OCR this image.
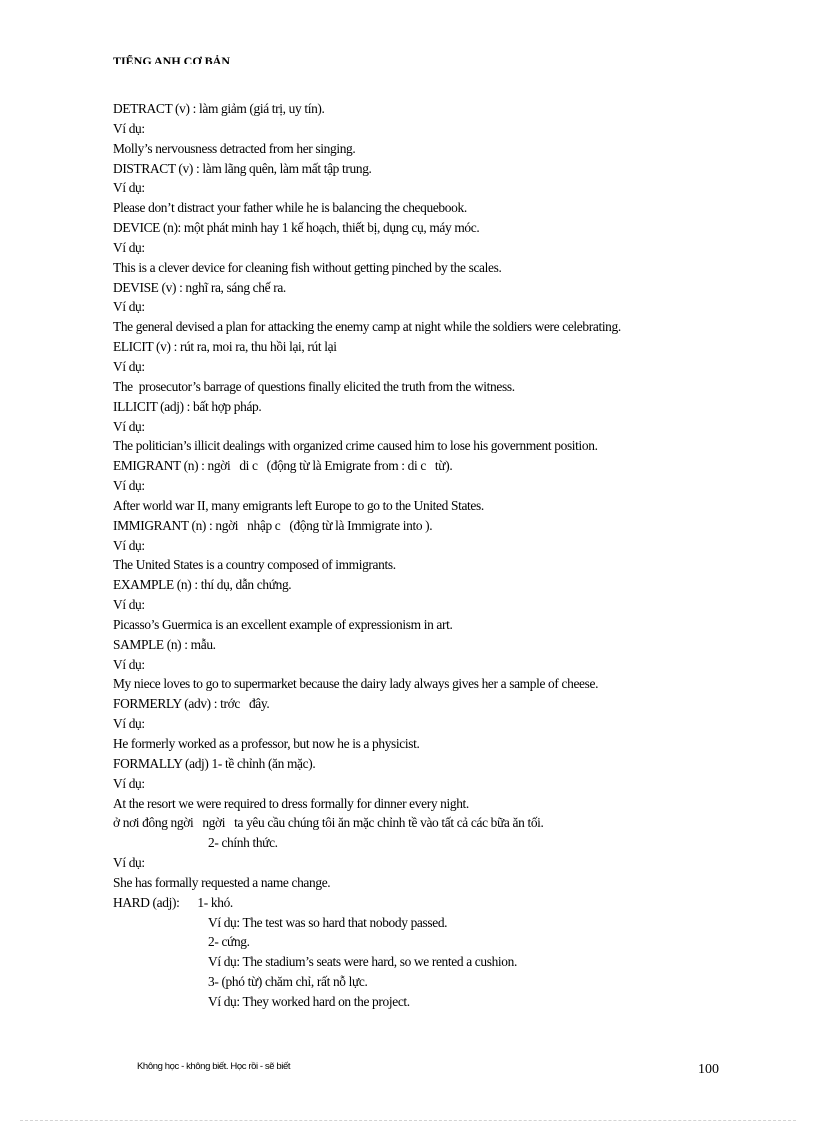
TIẾNG ANH CƠ BẢN
DETRACT (v) : làm giảm (giá trị, uy tín).
Ví dụ:
Molly’s nervousness detracted from her singing.
DISTRACT (v) : làm lãng quên, làm mất tập trung.
Ví dụ:
Please don’t distract your father while he is balancing the chequebook.
DEVICE (n): một phát minh hay 1 kế hoạch, thiết bị, dụng cụ, máy móc.
Ví dụ:
This is a clever device for cleaning fish without getting pinched by the scales.
DEVISE (v) : nghĩ ra, sáng chế ra.
Ví dụ:
The general devised a plan for attacking the enemy camp at night while the soldiers were celebrating.
ELICIT (v) : rút ra, moi ra, thu hồi lại, rút lại
Ví dụ:
The  prosecutor’s barrage of questions finally elicited the truth from the witness.
ILLICIT (adj) : bất hợp pháp.
Ví dụ:
The politician’s illicit dealings with organized crime caused him to lose his government position.
EMIGRANT (n) : ngời   di c   (động từ là Emigrate from : di c   từ).
Ví dụ:
After world war II, many emigrants left Europe to go to the United States.
IMMIGRANT (n) : ngời   nhập c   (động từ là Immigrate into ).
Ví dụ:
The United States is a country composed of immigrants.
EXAMPLE (n) : thí dụ, dẫn chứng.
Ví dụ:
Picasso’s Guermica is an excellent example of expressionism in art.
SAMPLE (n) : mẫu.
Ví dụ:
My niece loves to go to supermarket because the dairy lady always gives her a sample of cheese.
FORMERLY (adv) : trớc   đây.
Ví dụ:
He formerly worked as a professor, but now he is a physicist.
FORMALLY (adj) 1- tề chỉnh (ăn mặc).
Ví dụ:
At the resort we were required to dress formally for dinner every night.
ở nơi đông ngời   ngời   ta yêu cầu chúng tôi ăn mặc chỉnh tề vào tất cả các bữa ăn tối.
2- chính thức.
Ví dụ:
She has formally requested a name change.
HARD (adj):      1- khó.
Ví dụ: The test was so hard that nobody passed.
2- cứng.
Ví dụ: The stadium’s seats were hard, so we rented a cushion.
3- (phó từ) chăm chỉ, rất nỗ lực.
Ví dụ: They worked hard on the project.
Không học - không biết. Học rồi - sẽ biết	100
